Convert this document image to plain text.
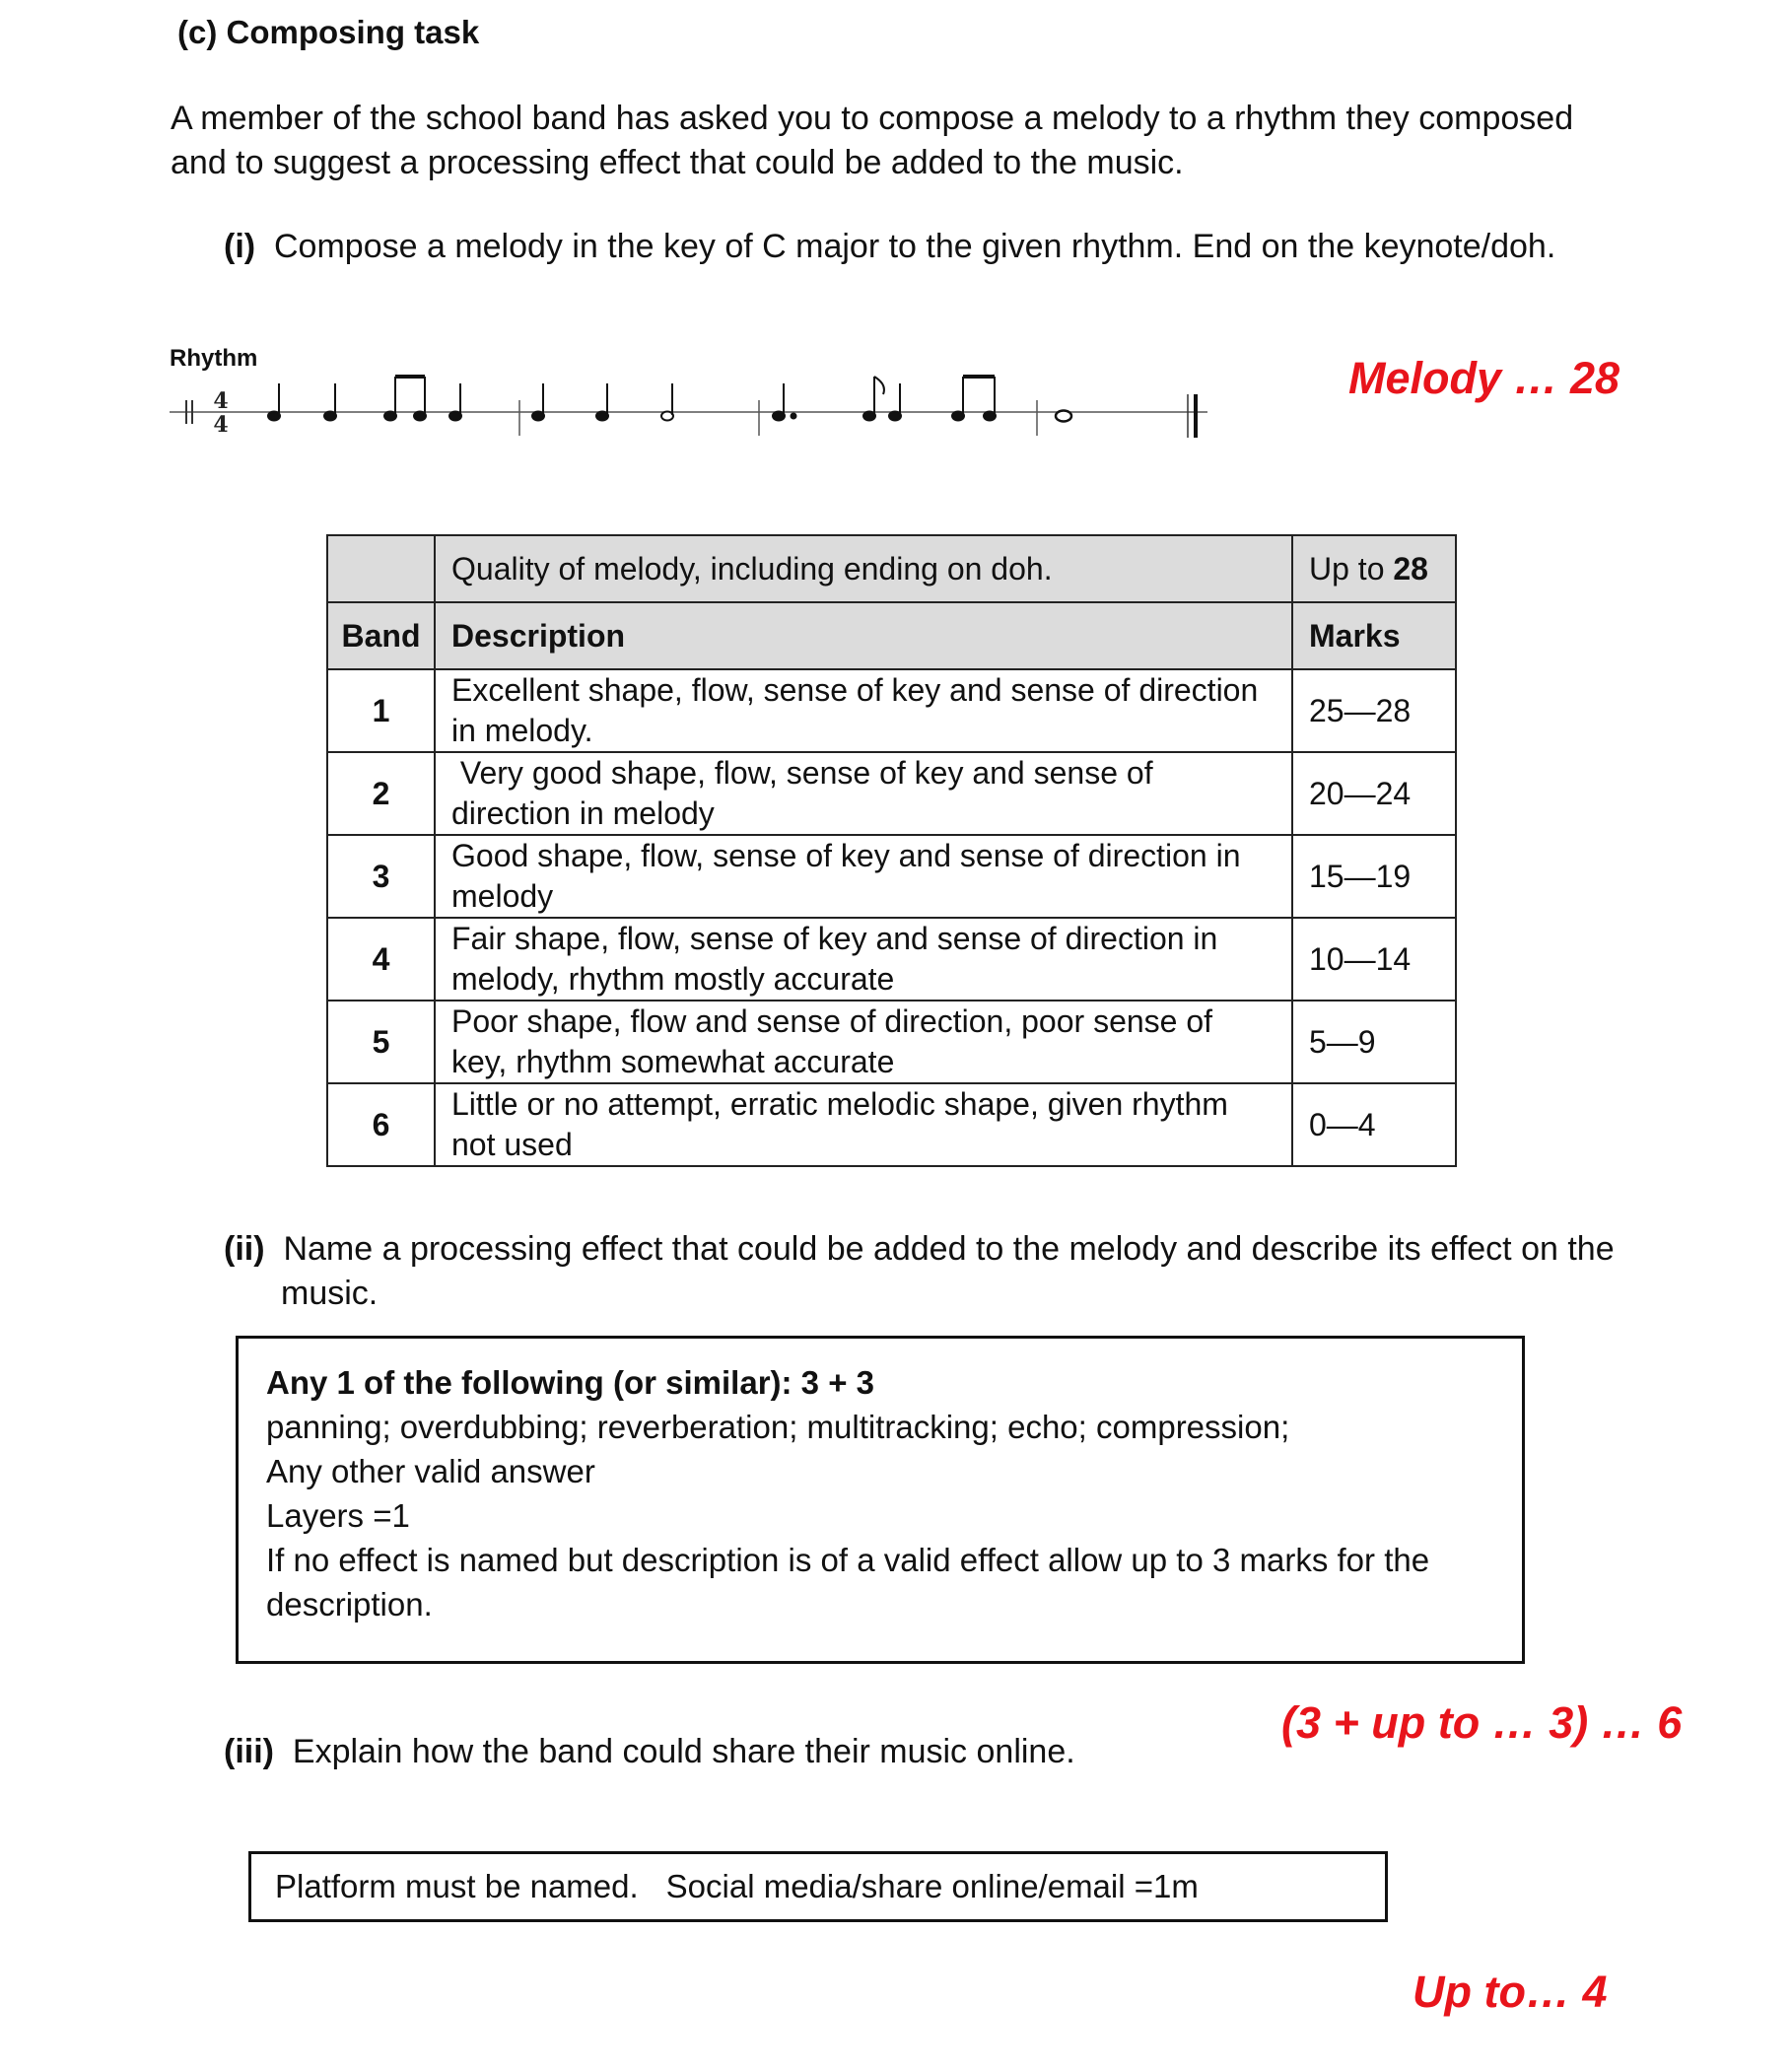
(c) Composing task
A member of the school band has asked you to compose a melody to a rhythm they composed and to suggest a processing effect that could be added to the music.
(i) Compose a melody in the key of C major to the given rhythm. End on the keynote/doh.
Rhythm
4
4
Melody … 28
	Quality of melody, including ending on doh.	Up to 28
Band	Description	Marks
1	Excellent shape, flow, sense of key and sense of direction in melody.	25—28
2	Very good shape, flow, sense of key and sense of direction in melody	20—24
3	Good shape, flow, sense of key and sense of direction in melody	15—19
4	Fair shape, flow, sense of key and sense of direction in melody, rhythm mostly accurate	10—14
5	Poor shape, flow and sense of direction, poor sense of key, rhythm somewhat accurate	5—9
6	Little or no attempt, erratic melodic shape, given rhythm not used	0—4
(ii) Name a processing effect that could be added to the melody and describe its effect on the
music.
Any 1 of the following (or similar): 3 + 3
panning; overdubbing; reverberation; multitracking; echo; compression;
Any other valid answer
Layers =1
If no effect is named but description is of a valid effect allow up to 3 marks for the description.
(3 + up to … 3) … 6
(iii) Explain how the band could share their music online.
Platform must be named. Social media/share online/email =1m
Up to… 4
